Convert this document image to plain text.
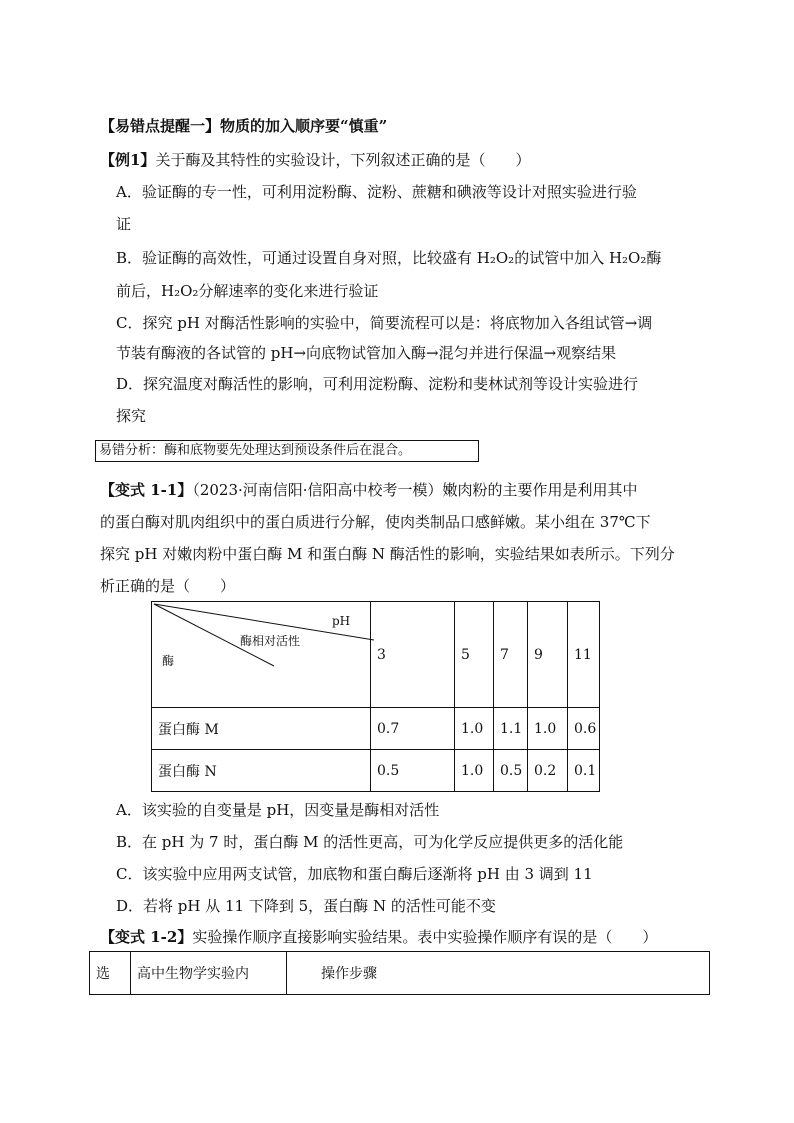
【易错点提醒一】物质的加入顺序要“慎重”
【例1】关于酶及其特性的实验设计，下列叙述正确的是（　　）
A．验证酶的专一性，可利用淀粉酶、淀粉、蔗糖和碘液等设计对照实验进行验
证
B．验证酶的高效性，可通过设置自身对照，比较盛有 H₂O₂的试管中加入 H₂O₂酶
前后，H₂O₂分解速率的变化来进行验证
C．探究 pH 对酶活性影响的实验中，简要流程可以是：将底物加入各组试管→调
节装有酶液的各试管的 pH→向底物试管加入酶→混匀并进行保温→观察结果
D．探究温度对酶活性的影响，可利用淀粉酶、淀粉和斐林试剂等设计实验进行
探究
易错分析：酶和底物要先处理达到预设条件后在混合。
【变式 1-1】（2023·河南信阳·信阳高中校考一模）嫩肉粉的主要作用是利用其中
的蛋白酶对肌肉组织中的蛋白质进行分解，使肉类制品口感鲜嫩。某小组在 37℃下
探究 pH 对嫩肉粉中蛋白酶 M 和蛋白酶 N 酶活性的影响，实验结果如表所示。下列分
析正确的是（　　）
pH
酶相对活性
酶	3	5	7	9	11
蛋白酶 M	0.7	1.0	1.1	1.0	0.6
蛋白酶 N	0.5	1.0	0.5	0.2	0.1
A．该实验的自变量是 pH，因变量是酶相对活性
B．在 pH 为 7 时，蛋白酶 M 的活性更高，可为化学反应提供更多的活化能
C．该实验中应用两支试管，加底物和蛋白酶后逐渐将 pH 由 3 调到 11
D．若将 pH 从 11 下降到 5，蛋白酶 N 的活性可能不变
【变式 1-2】实验操作顺序直接影响实验结果。表中实验操作顺序有误的是（　　）
选	高中生物学实验内	操作步骤
